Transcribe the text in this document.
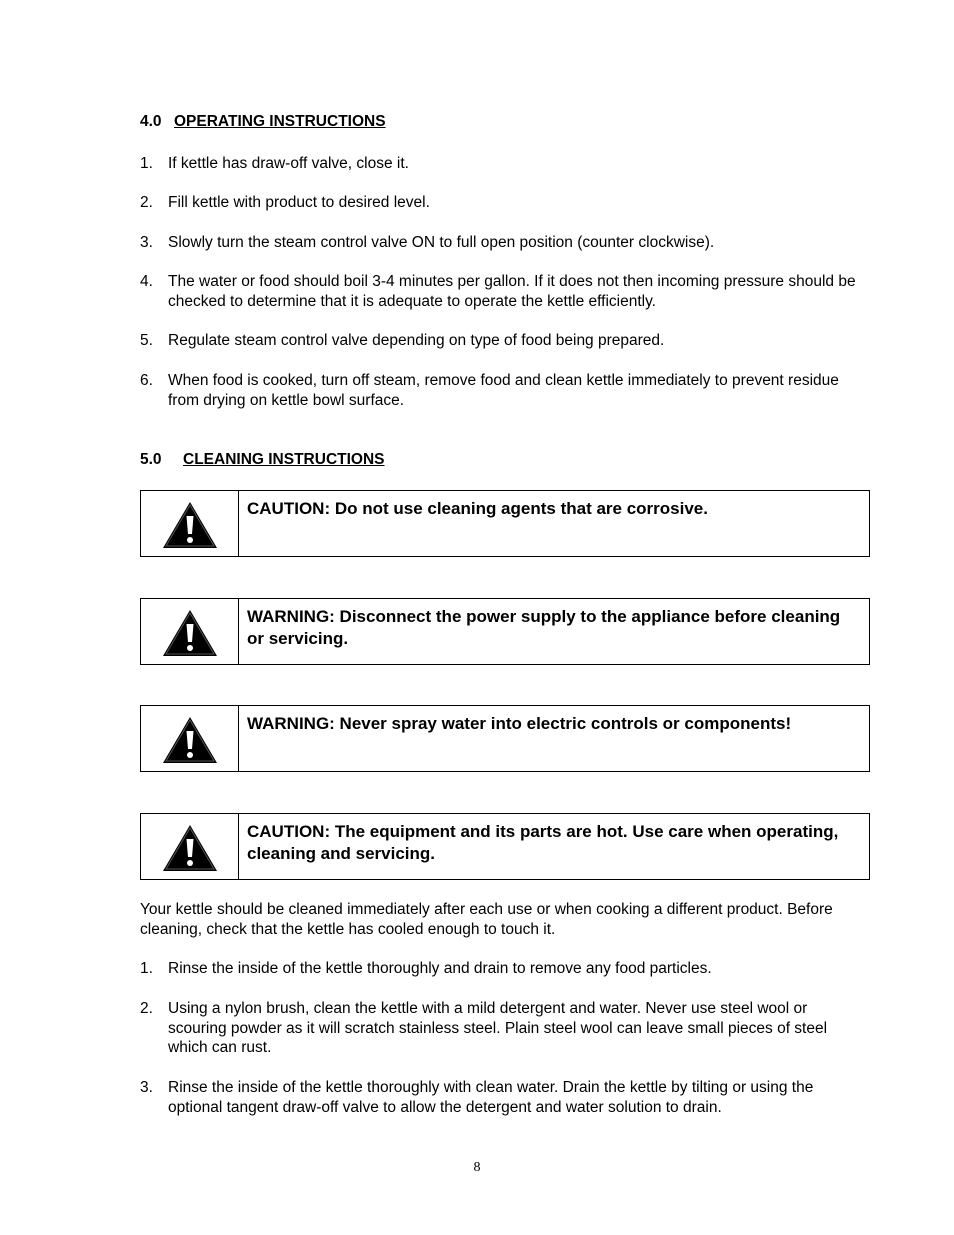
4.0 OPERATING INSTRUCTIONS
1. If kettle has draw-off valve, close it.
2. Fill kettle with product to desired level.
3. Slowly turn the steam control valve ON to full open position (counter clockwise).
4. The water or food should boil 3-4 minutes per gallon. If it does not then incoming pressure should be checked to determine that it is adequate to operate the kettle efficiently.
5. Regulate steam control valve depending on type of food being prepared.
6. When food is cooked, turn off steam, remove food and clean kettle immediately to prevent residue from drying on kettle bowl surface.
5.0 CLEANING INSTRUCTIONS
CAUTION: Do not use cleaning agents that are corrosive.
WARNING: Disconnect the power supply to the appliance before cleaning or servicing.
WARNING: Never spray water into electric controls or components!
CAUTION: The equipment and its parts are hot. Use care when operating, cleaning and servicing.
Your kettle should be cleaned immediately after each use or when cooking a different product. Before cleaning, check that the kettle has cooled enough to touch it.
1. Rinse the inside of the kettle thoroughly and drain to remove any food particles.
2. Using a nylon brush, clean the kettle with a mild detergent and water. Never use steel wool or scouring powder as it will scratch stainless steel. Plain steel wool can leave small pieces of steel which can rust.
3. Rinse the inside of the kettle thoroughly with clean water. Drain the kettle by tilting or using the optional tangent draw-off valve to allow the detergent and water solution to drain.
8
